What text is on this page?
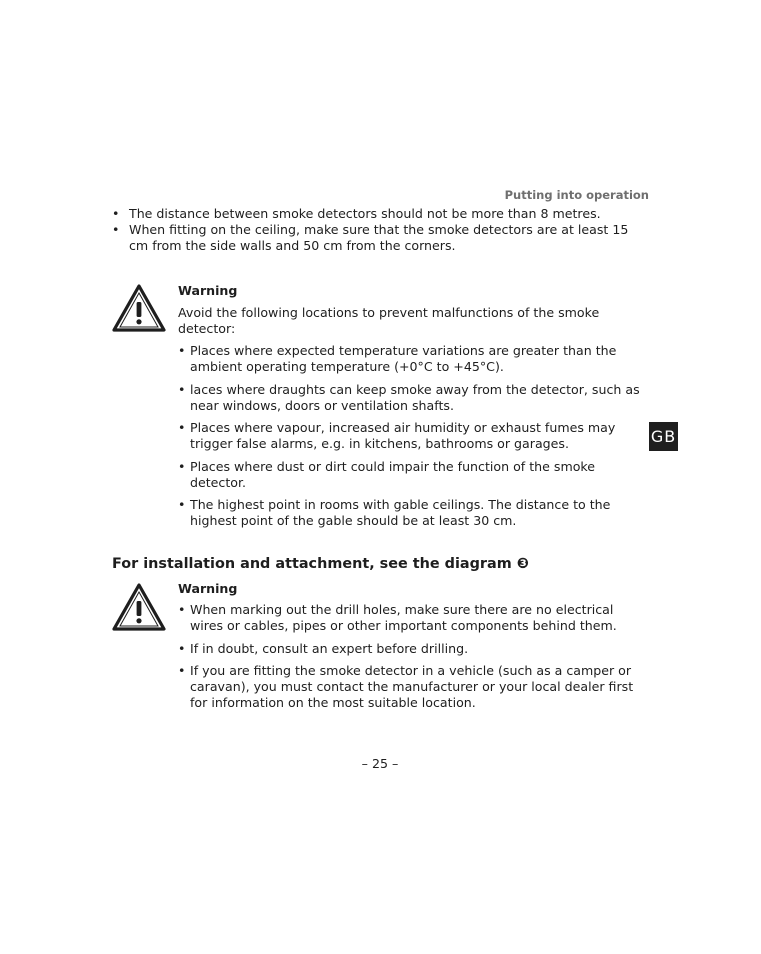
Putting into operation
• The distance between smoke detectors should not be more than 8 metres.
• When fitting on the ceiling, make sure that the smoke detectors are at least 15 cm from the side walls and 50 cm from the corners.
Warning
Avoid the following locations to prevent malfunctions of the smoke detector:
• Places where expected temperature variations are greater than the ambient operating temperature (+0°C to +45°C).
• laces where draughts can keep smoke away from the detector, such as near windows, doors or ventilation shafts.
• Places where vapour, increased air humidity or exhaust fumes may trigger false alarms, e.g. in kitchens, bathrooms or garages.
• Places where dust or dirt could impair the function of the smoke detector.
• The highest point in rooms with gable ceilings. The distance to the highest point of the gable should be at least 30 cm.
GB
For installation and attachment, see the diagram ❸
Warning
• When marking out the drill holes, make sure there are no electrical wires or cables, pipes or other important components behind them.
• If in doubt, consult an expert before drilling.
• If you are fitting the smoke detector in a vehicle (such as a camper or caravan), you must contact the manufacturer or your local dealer first for information on the most suitable location.
– 25 –
